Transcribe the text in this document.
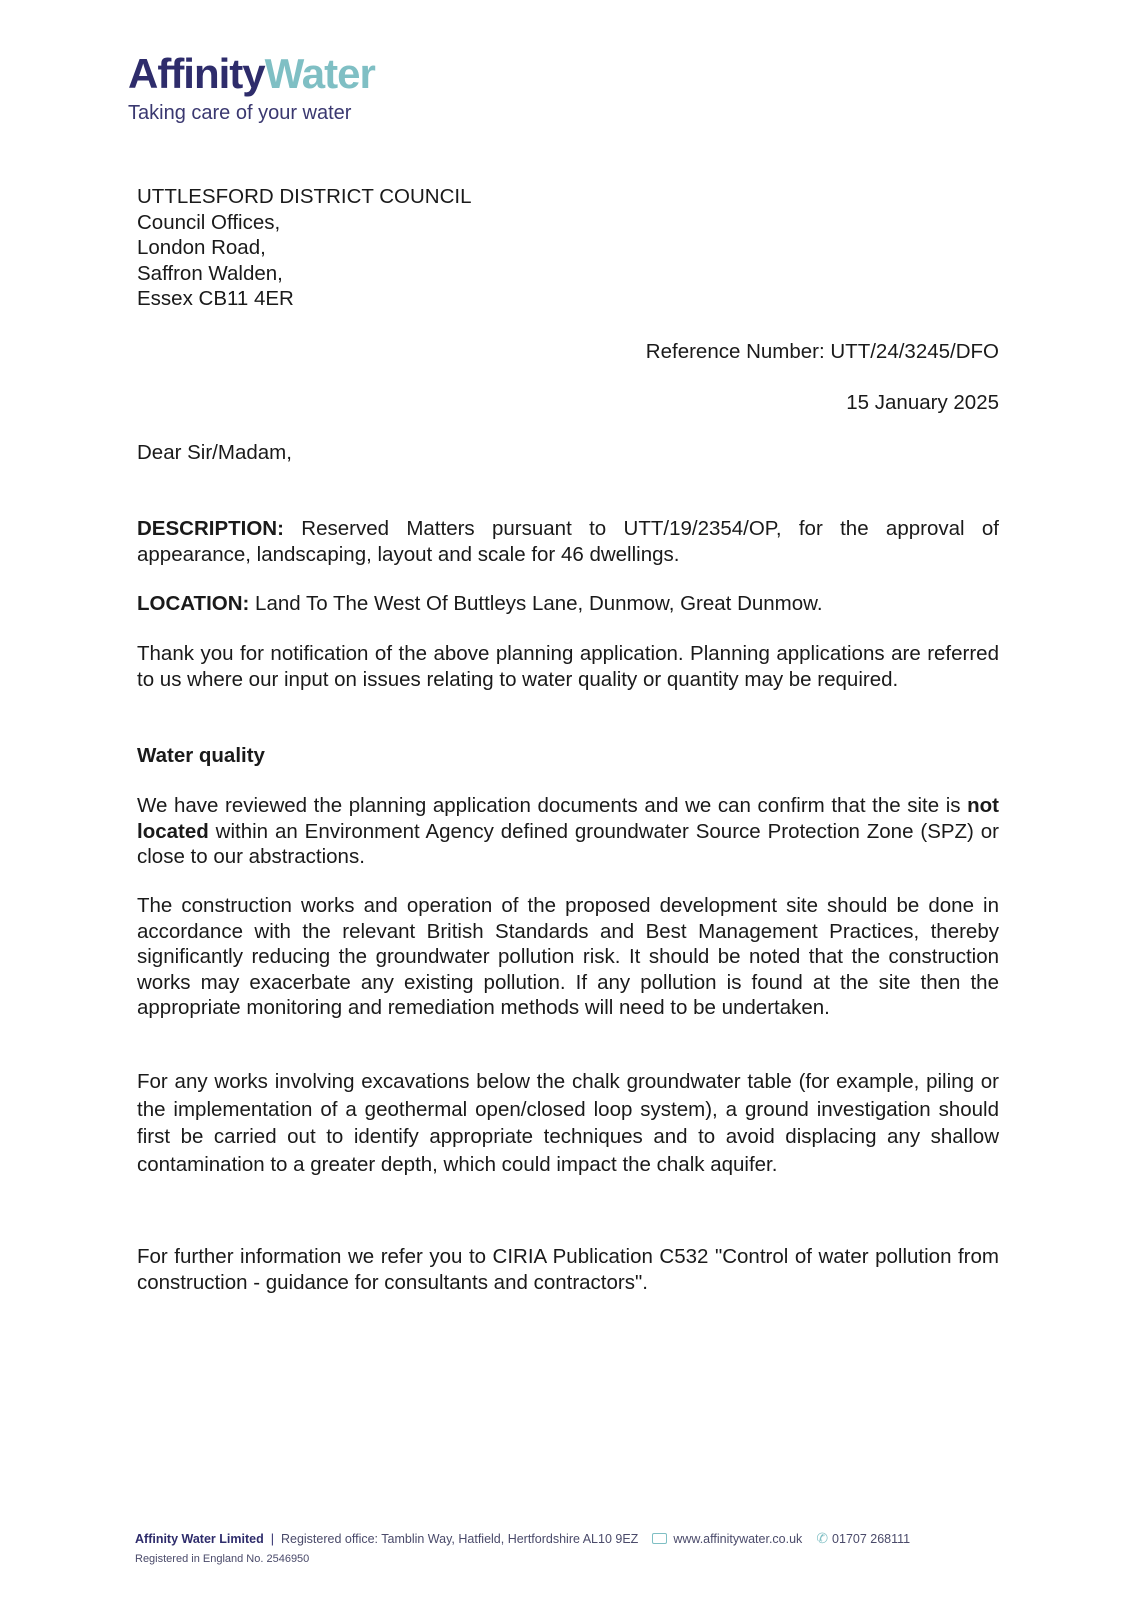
AffinityWater
Taking care of your water
UTTLESFORD DISTRICT COUNCIL
Council Offices,
London Road,
Saffron Walden,
Essex CB11 4ER
Reference Number: UTT/24/3245/DFO
15 January 2025
Dear Sir/Madam,
DESCRIPTION: Reserved Matters pursuant to UTT/19/2354/OP, for the approval of appearance, landscaping, layout and scale for 46 dwellings.
LOCATION: Land To The West Of Buttleys Lane, Dunmow, Great Dunmow.
Thank you for notification of the above planning application. Planning applications are referred to us where our input on issues relating to water quality or quantity may be required.
Water quality
We have reviewed the planning application documents and we can confirm that the site is not located within an Environment Agency defined groundwater Source Protection Zone (SPZ) or close to our abstractions.
The construction works and operation of the proposed development site should be done in accordance with the relevant British Standards and Best Management Practices, thereby significantly reducing the groundwater pollution risk. It should be noted that the construction works may exacerbate any existing pollution. If any pollution is found at the site then the appropriate monitoring and remediation methods will need to be undertaken.
For any works involving excavations below the chalk groundwater table (for example, piling or the implementation of a geothermal open/closed loop system), a ground investigation should first be carried out to identify appropriate techniques and to avoid displacing any shallow contamination to a greater depth, which could impact the chalk aquifer.
For further information we refer you to CIRIA Publication C532 "Control of water pollution from construction - guidance for consultants and contractors".
Affinity Water Limited | Registered office: Tamblin Way, Hatfield, Hertfordshire AL10 9EZ	www.affinitywater.co.uk ✆ 01707 268111
Registered in England No. 2546950
